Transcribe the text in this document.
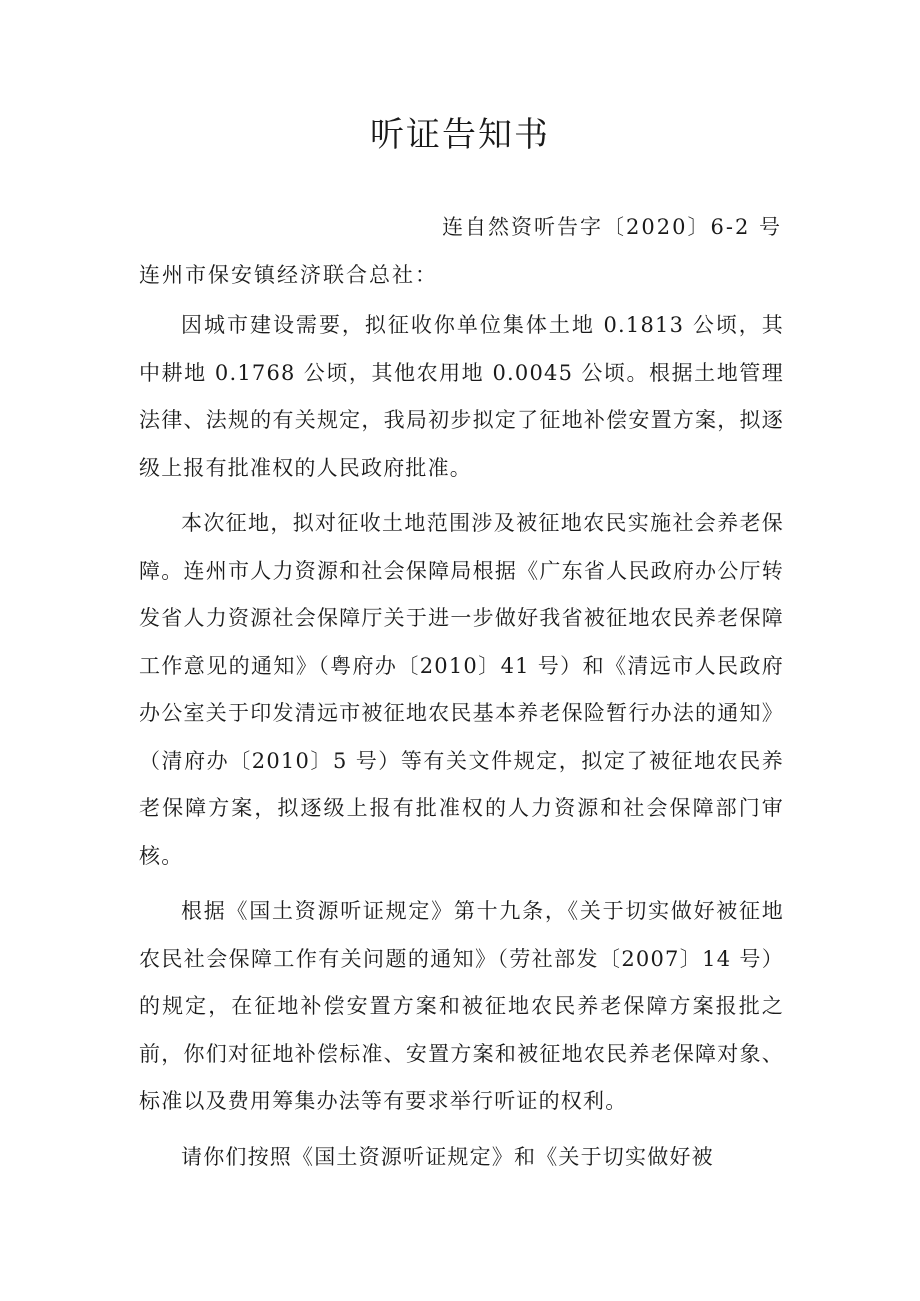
听证告知书
连自然资听告字〔2020〕6-2 号
连州市保安镇经济联合总社：

因城市建设需要，拟征收你单位集体土地 0.1813 公顷，其中耕地 0.1768 公顷，其他农用地 0.0045 公顷。根据土地管理法律、法规的有关规定，我局初步拟定了征地补偿安置方案，拟逐级上报有批准权的人民政府批准。

本次征地，拟对征收土地范围涉及被征地农民实施社会养老保障。连州市人力资源和社会保障局根据《广东省人民政府办公厅转发省人力资源社会保障厅关于进一步做好我省被征地农民养老保障工作意见的通知》（粤府办〔2010〕41 号）和《清远市人民政府办公室关于印发清远市被征地农民基本养老保险暂行办法的通知》（清府办〔2010〕5 号）等有关文件规定，拟定了被征地农民养老保障方案，拟逐级上报有批准权的人力资源和社会保障部门审核。

根据《国土资源听证规定》第十九条，《关于切实做好被征地农民社会保障工作有关问题的通知》（劳社部发〔2007〕14 号）的规定，在征地补偿安置方案和被征地农民养老保障方案报批之前，你们对征地补偿标准、安置方案和被征地农民养老保障对象、标准以及费用筹集办法等有要求举行听证的权利。

请你们按照《国土资源听证规定》和《关于切实做好被
